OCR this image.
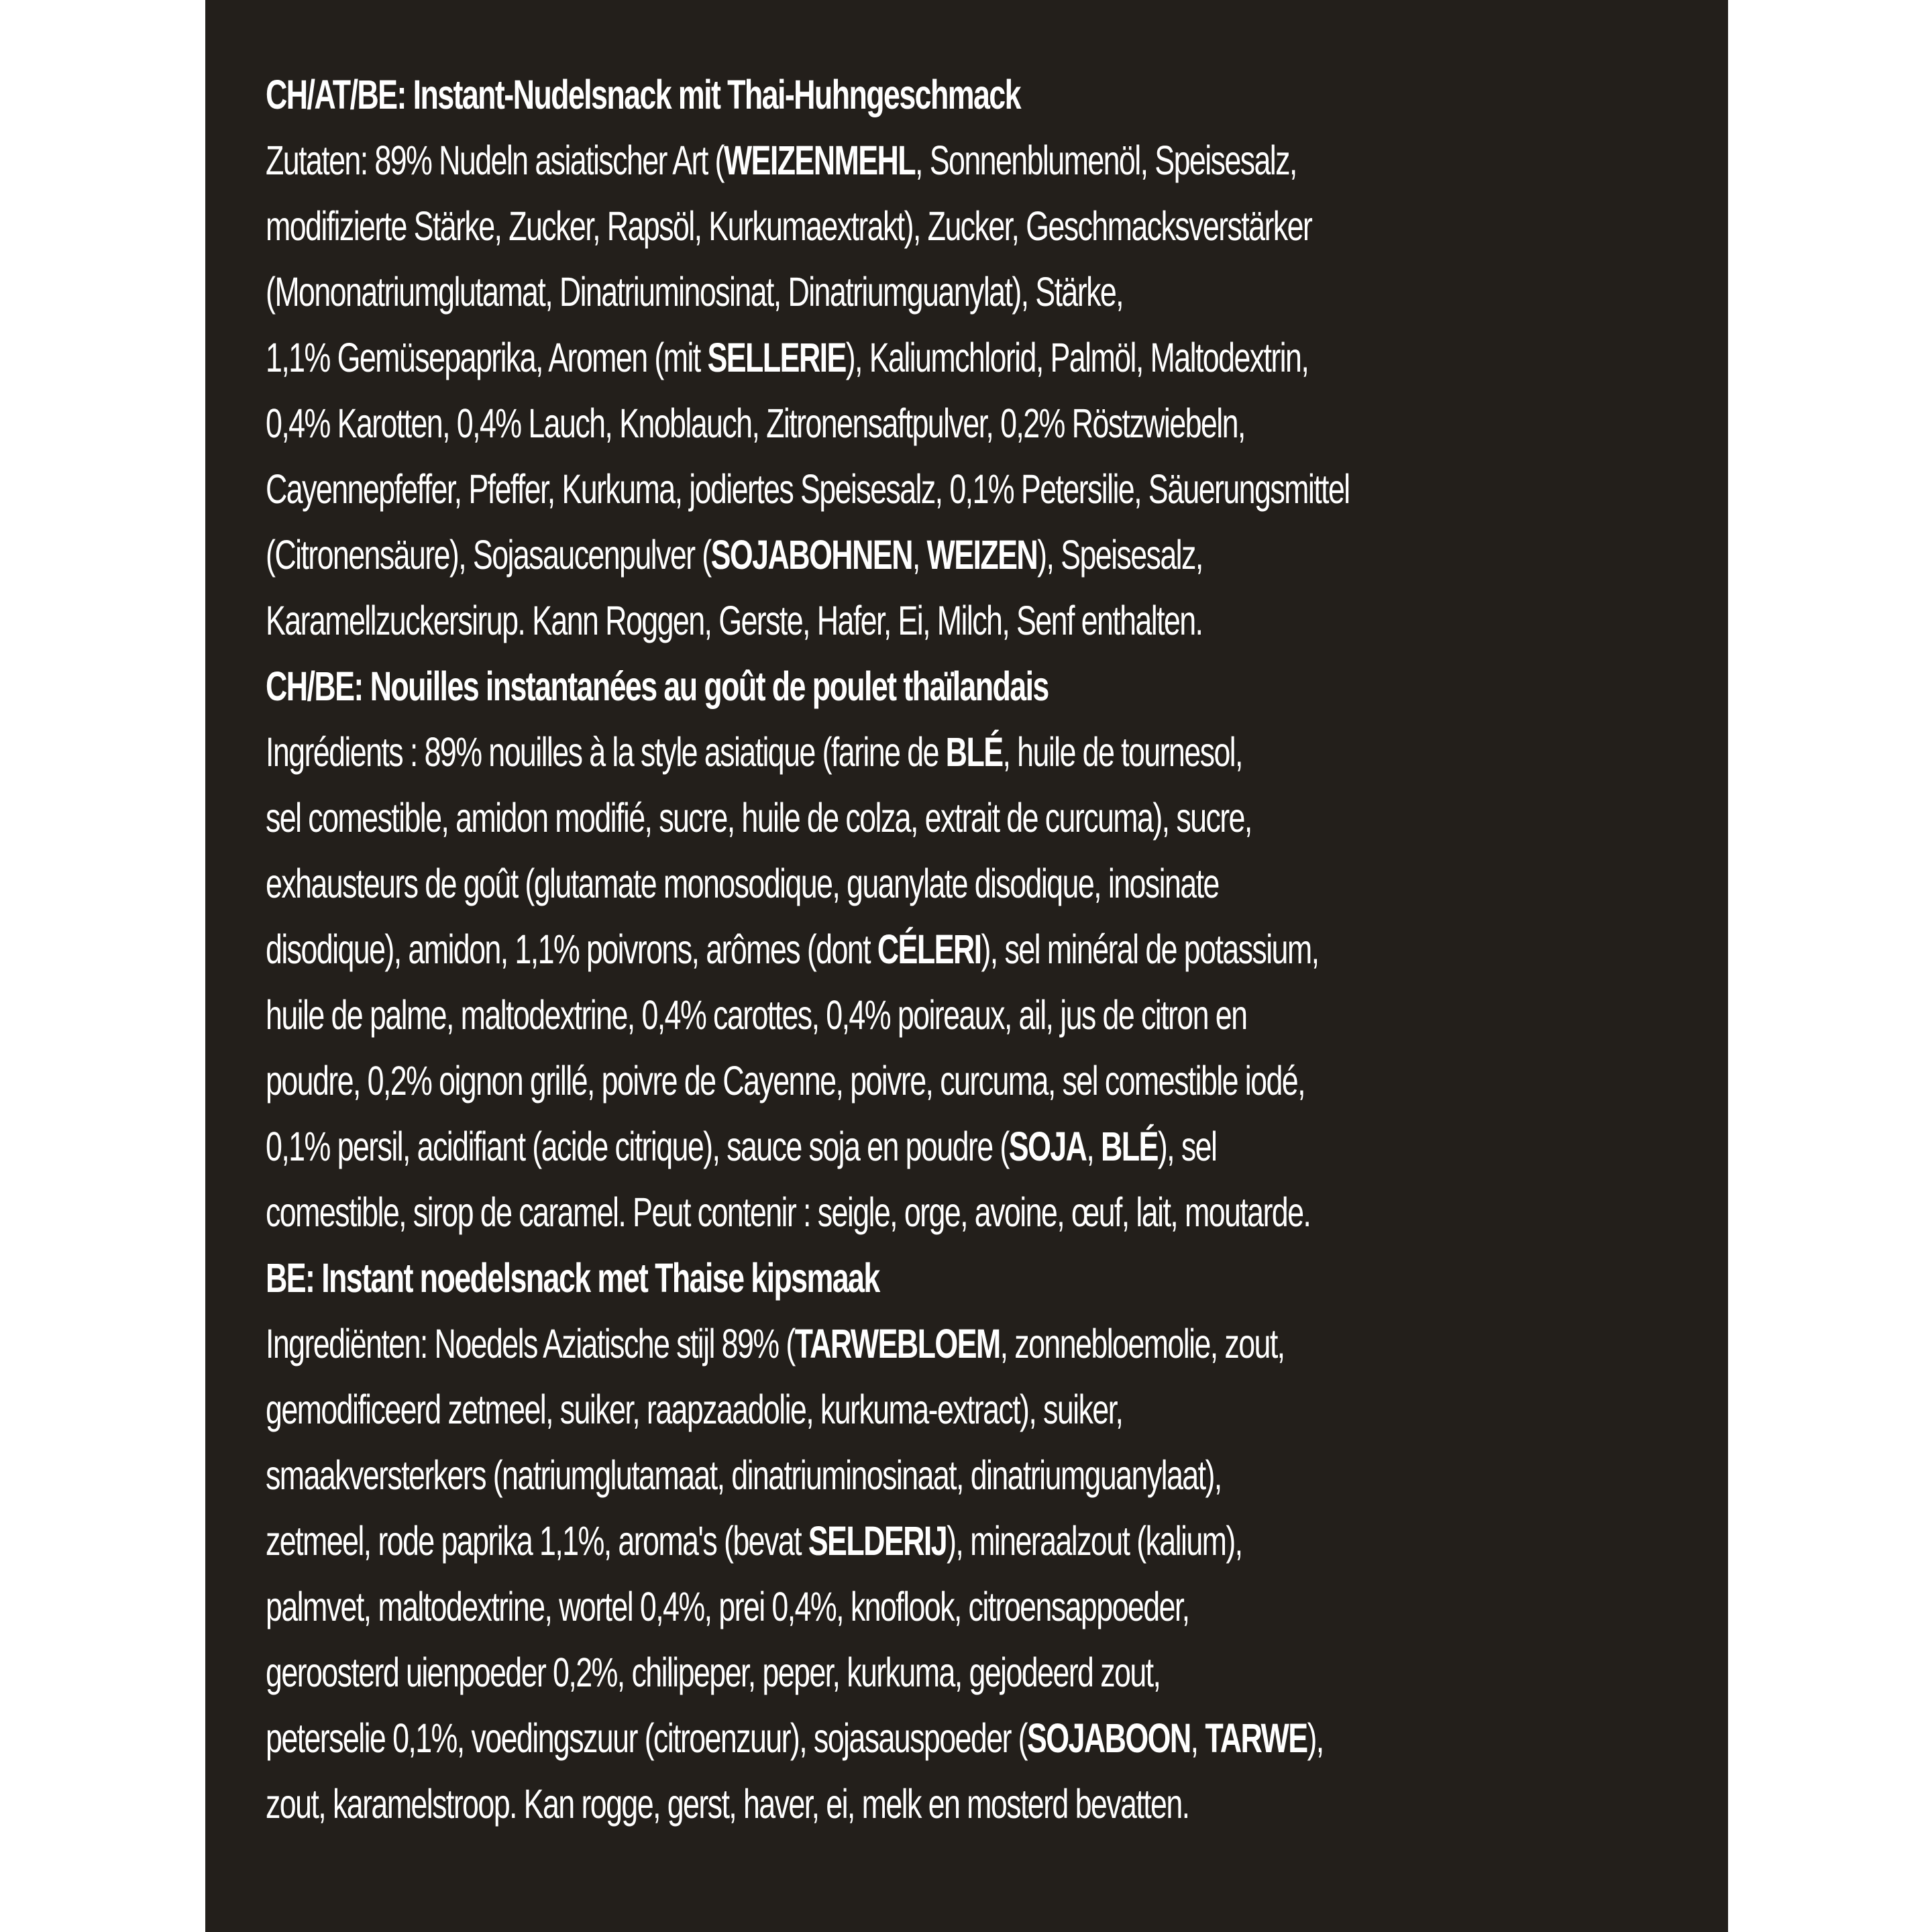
CH/AT/BE: Instant-Nudelsnack mit Thai-Huhngeschmack
Zutaten: 89% Nudeln asiatischer Art (WEIZENMEHL, Sonnenblumenöl, Speisesalz,
modifizierte Stärke, Zucker, Rapsöl, Kurkumaextrakt), Zucker, Geschmacksverstärker
(Mononatriumglutamat, Dinatriuminosinat, Dinatriumguanylat), Stärke,
1,1% Gemüsepaprika, Aromen (mit SELLERIE), Kaliumchlorid, Palmöl, Maltodextrin,
0,4% Karotten, 0,4% Lauch, Knoblauch, Zitronensaftpulver, 0,2% Röstzwiebeln,
Cayennepfeffer, Pfeffer, Kurkuma, jodiertes Speisesalz, 0,1% Petersilie, Säuerungsmittel
(Citronensäure), Sojasaucenpulver (SOJABOHNEN, WEIZEN), Speisesalz,
Karamellzuckersirup. Kann Roggen, Gerste, Hafer, Ei, Milch, Senf enthalten.
CH/BE: Nouilles instantanées au goût de poulet thaïlandais
Ingrédients : 89% nouilles à la style asiatique (farine de BLÉ, huile de tournesol,
sel comestible, amidon modifié, sucre, huile de colza, extrait de curcuma), sucre,
exhausteurs de goût (glutamate monosodique, guanylate disodique, inosinate
disodique), amidon, 1,1% poivrons, arômes (dont CÉLERI), sel minéral de potassium,
huile de palme, maltodextrine, 0,4% carottes, 0,4% poireaux, ail, jus de citron en
poudre, 0,2% oignon grillé, poivre de Cayenne, poivre, curcuma, sel comestible iodé,
0,1% persil, acidifiant (acide citrique), sauce soja en poudre (SOJA, BLÉ), sel
comestible, sirop de caramel. Peut contenir : seigle, orge, avoine, œuf, lait, moutarde.
BE: Instant noedelsnack met Thaise kipsmaak
Ingrediënten: Noedels Aziatische stijl 89% (TARWEBLOEM, zonnebloemolie, zout,
gemodificeerd zetmeel, suiker, raapzaadolie, kurkuma-extract), suiker,
smaakversterkers (natriumglutamaat, dinatriuminosinaat, dinatriumguanylaat),
zetmeel, rode paprika 1,1%, aroma's (bevat SELDERIJ), mineraalzout (kalium),
palmvet, maltodextrine, wortel 0,4%, prei 0,4%, knoflook, citroensappoeder,
geroosterd uienpoeder 0,2%, chilipeper, peper, kurkuma, gejodeerd zout,
peterselie 0,1%, voedingszuur (citroenzuur), sojasauspoeder (SOJABOON, TARWE),
zout, karamelstroop. Kan rogge, gerst, haver, ei, melk en mosterd bevatten.
